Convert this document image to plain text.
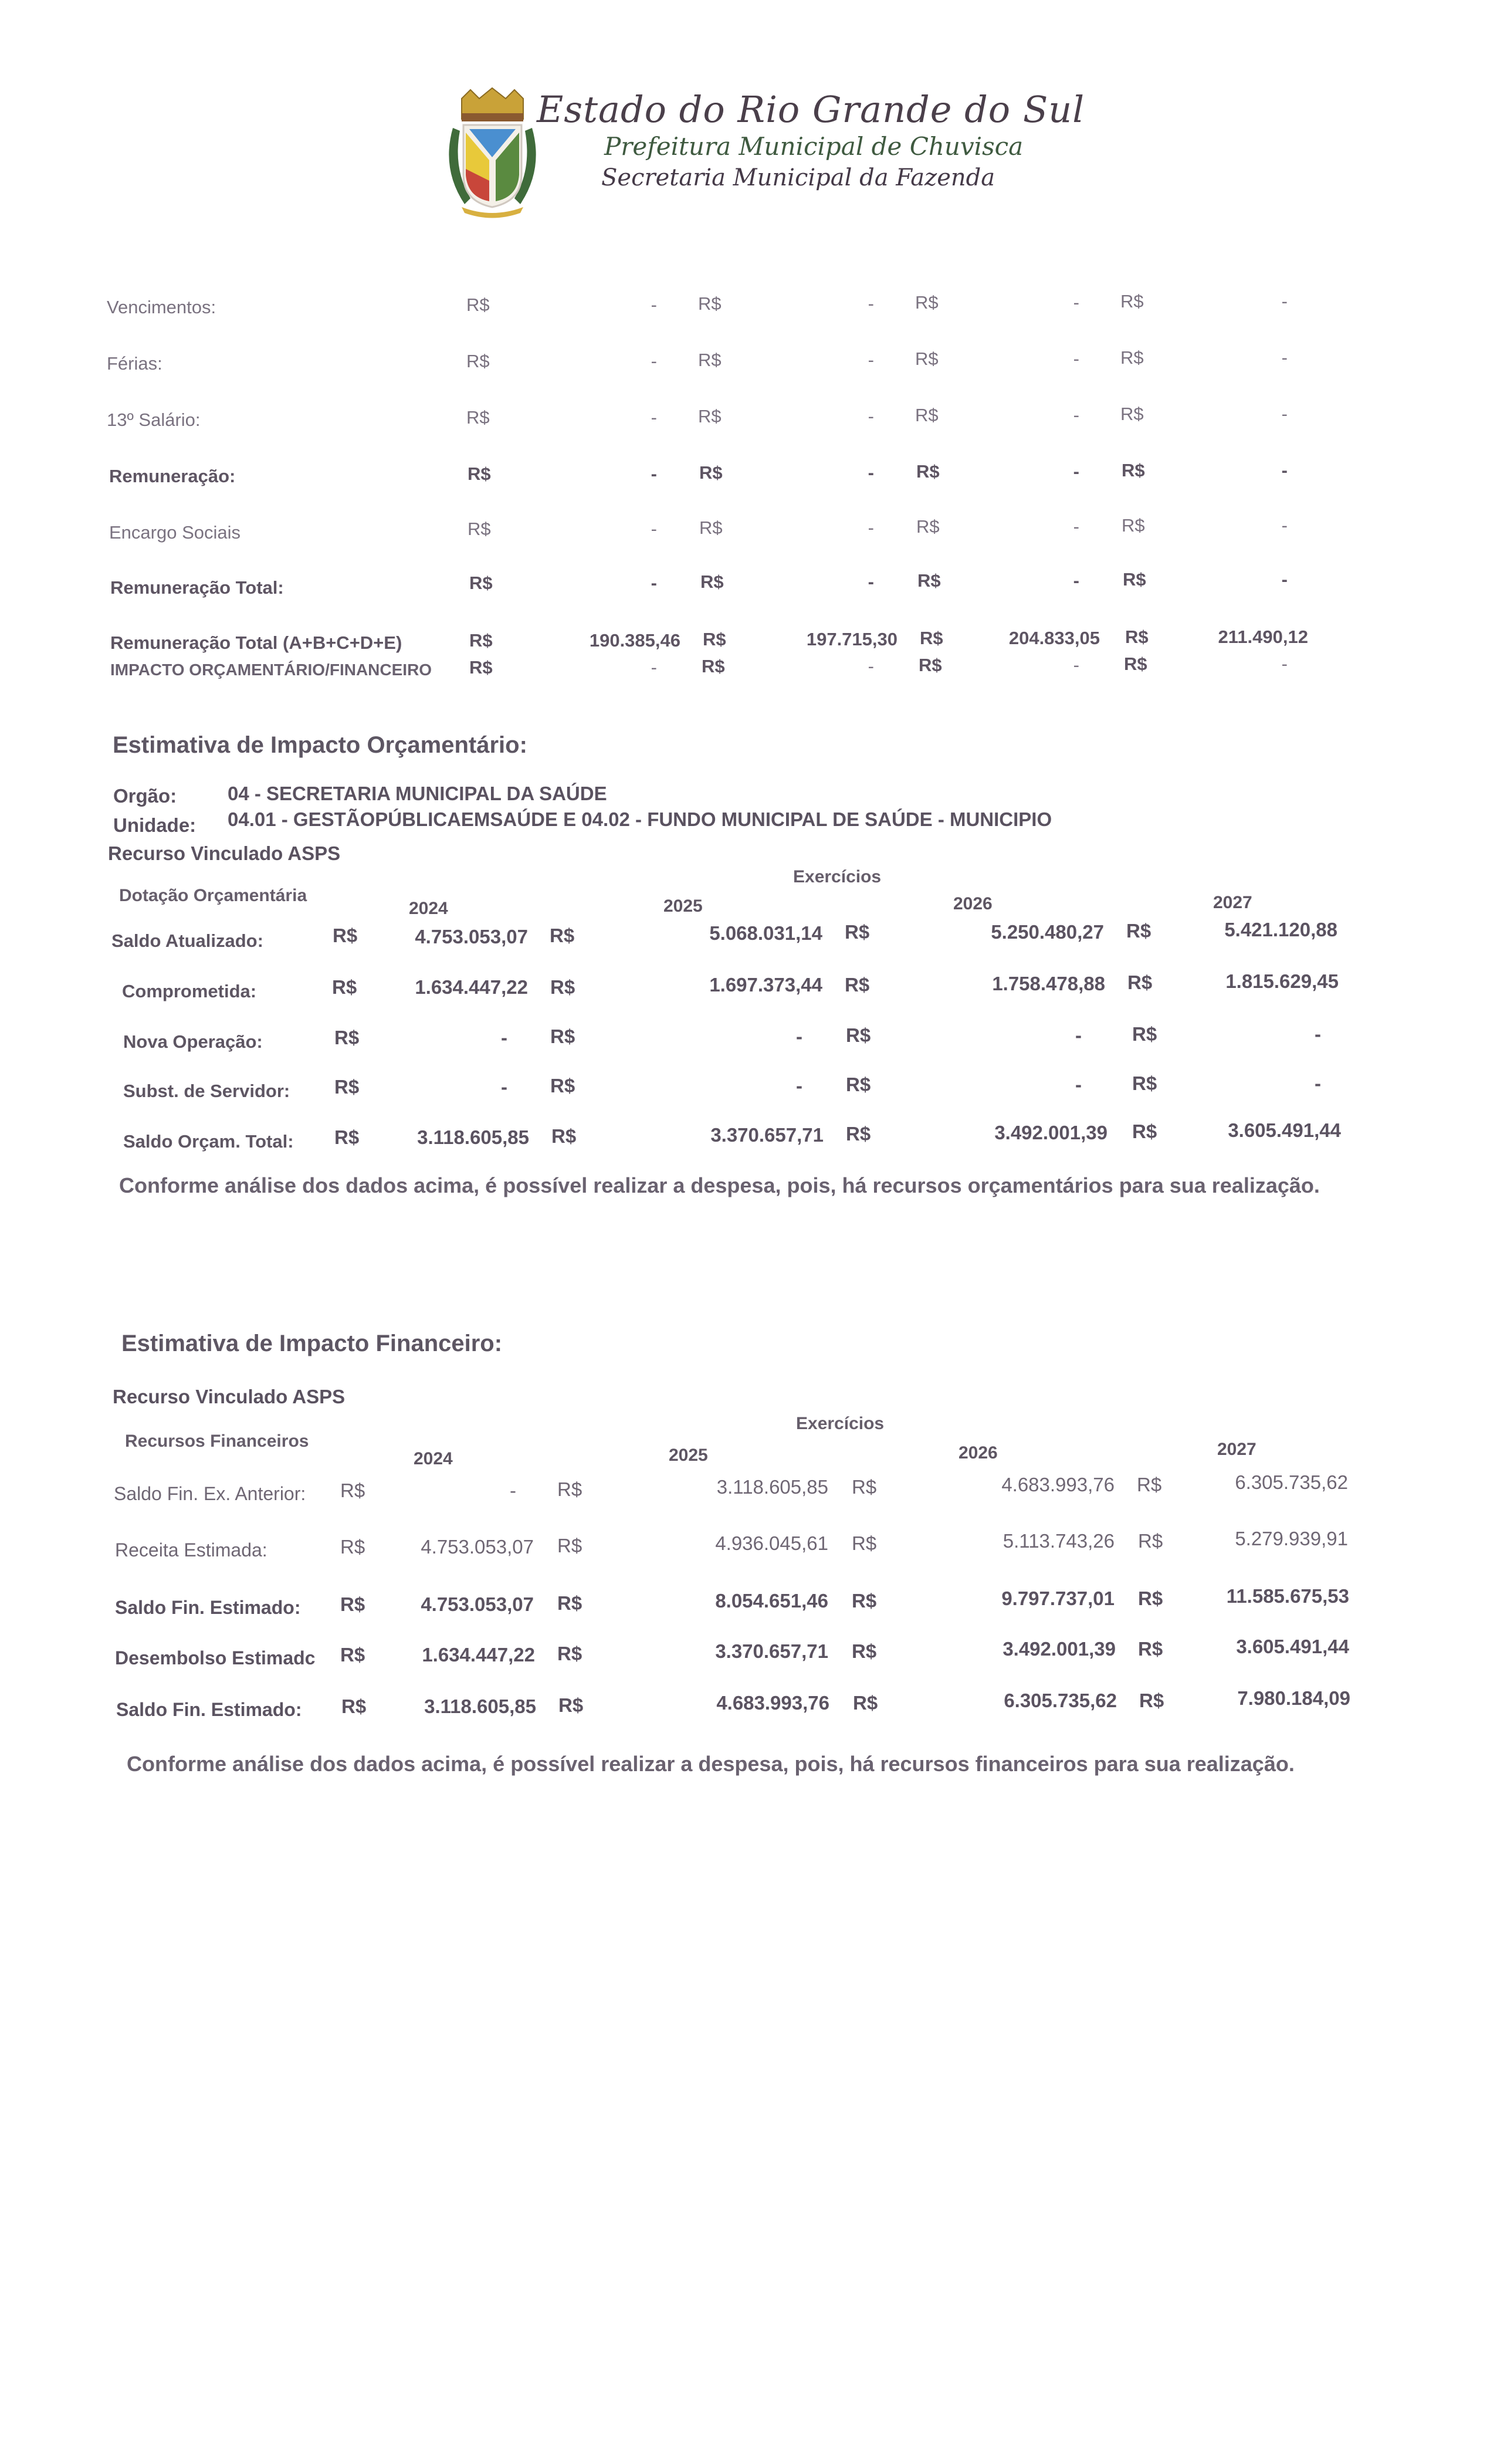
Estado do Rio Grande do Sul
Prefeitura Municipal de Chuvisca
Secretaria Municipal da Fazenda
Vencimentos:	R$	- R$	- R$	- R$	-
Férias:	R$	- R$	- R$	- R$	-
13º Salário:	R$	- R$	- R$	- R$	-
Remuneração:	R$	- R$	- R$	- R$	-
Encargo Sociais	R$	- R$	- R$	- R$	-
Remuneração Total:	R$	- R$	- R$	- R$	-
Remuneração Total (A+B+C+D+E)	R$	190.385,46 R$	197.715,30 R$	204.833,05 R$	211.490,12
IMPACTO ORÇAMENTÁRIO/FINANCEIRO R$	- R$	- R$	- R$	-
Estimativa de Impacto Orçamentário:
Orgão:	04 - SECRETARIA MUNICIPAL DA SAÚDE
Unidade: 04.01 - GESTÃOPÚBLICAEMSAÚDE E 04.02 - FUNDO MUNICIPAL DE SAÚDE - MUNICIPIO
Recurso Vinculado ASPS
Dotação Orçamentária
Exercícios
2024	2025	2026	2027
Saldo Atualizado:	R$	4.753.053,07 R$	5.068.031,14 R$	5.250.480,27 R$	5.421.120,88
Comprometida:	R$	1.634.447,22 R$	1.697.373,44 R$	1.758.478,88 R$	1.815.629,45
Nova Operação:	R$	- R$	- R$	-	R$	-
Subst. de Servidor: R$	- R$	- R$	-	R$	-
Saldo Orçam. Total: R$	3.118.605,85 R$	3.370.657,71 R$	3.492.001,39 R$	3.605.491,44
Conforme análise dos dados acima, é possível realizar a despesa, pois, há recursos orçamentários para sua realização.
Estimativa de Impacto Financeiro:
Recurso Vinculado ASPS
Recursos Financeiros
Exercícios
2024	2025	2026	2027
Saldo Fin. Ex. Anterior: R$	- R$	3.118.605,85 R$	4.683.993,76 R$	6.305.735,62
Receita Estimada:	R$	4.753.053,07 R$	4.936.045,61 R$	5.113.743,26 R$	5.279.939,91
Saldo Fin. Estimado: R$	4.753.053,07 R$	8.054.651,46 R$	9.797.737,01 R$	11.585.675,53
Desembolso Estimadc R$	1.634.447,22 R$	3.370.657,71 R$	3.492.001,39 R$	3.605.491,44
Saldo Fin. Estimado: R$	3.118.605,85 R$	4.683.993,76 R$	6.305.735,62 R$	7.980.184,09
Conforme análise dos dados acima, é possível realizar a despesa, pois, há recursos financeiros para sua realização.
